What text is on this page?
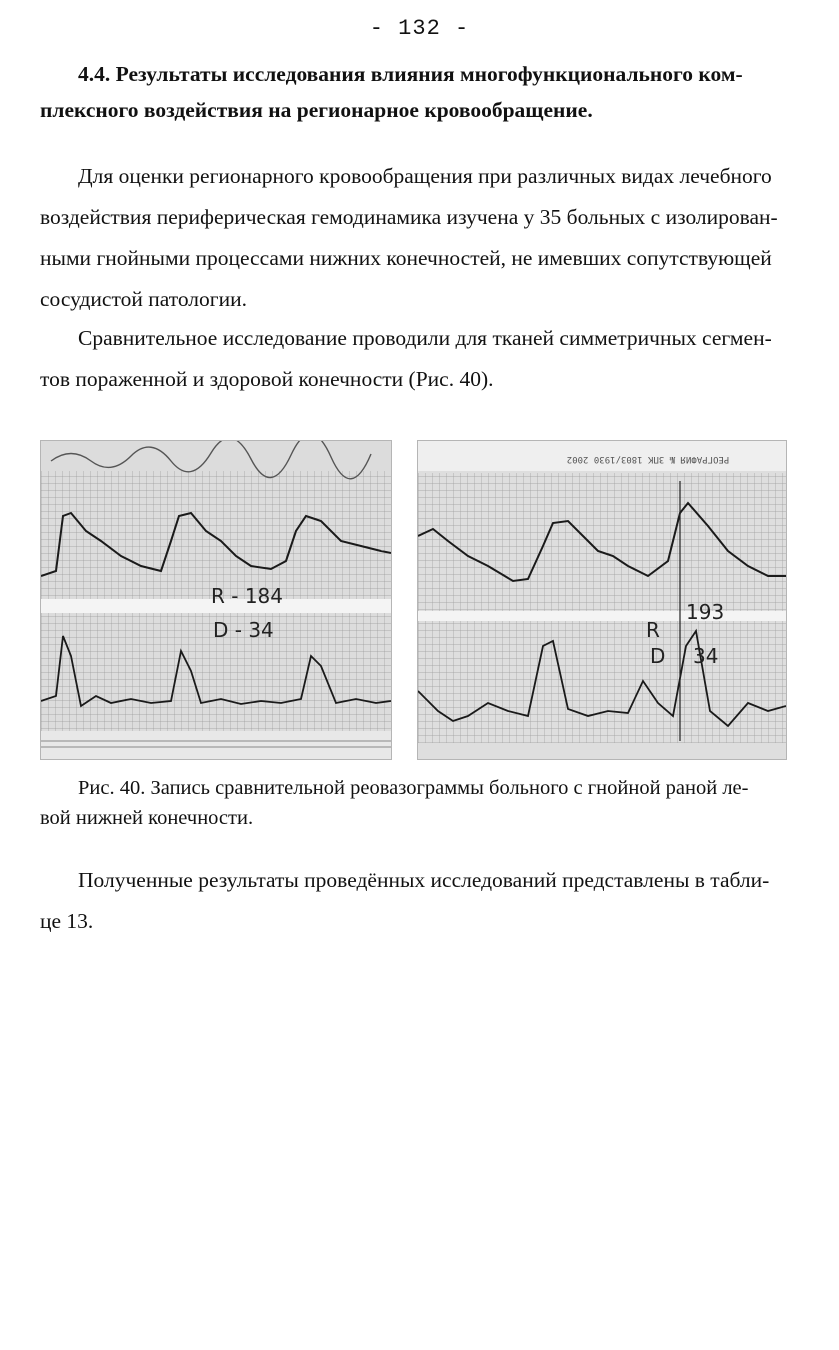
- 132 -
4.4. Результаты исследования влияния многофункционального ком-
плексного воздействия на регионарное кровообращение.
Для оценки регионарного кровообращения при различных видах лечебного
воздействия периферическая гемодинамика изучена у 35 больных с изолирован-
ными гнойными процессами нижних конечностей, не имевших сопутствующей
сосудистой патологии.
Сравнительное исследование проводили для тканей симметричных сегмен-
тов пораженной и здоровой конечности (Рис. 40).
R - 184
D - 34
РЕОГРАФИЯ № 3ПК 1803/1930 2002
R
193
D 34
Рис. 40. Запись сравнительной реовазограммы больного с гнойной раной ле-
вой нижней конечности.
Полученные результаты проведённых исследований представлены в табли-
це 13.
